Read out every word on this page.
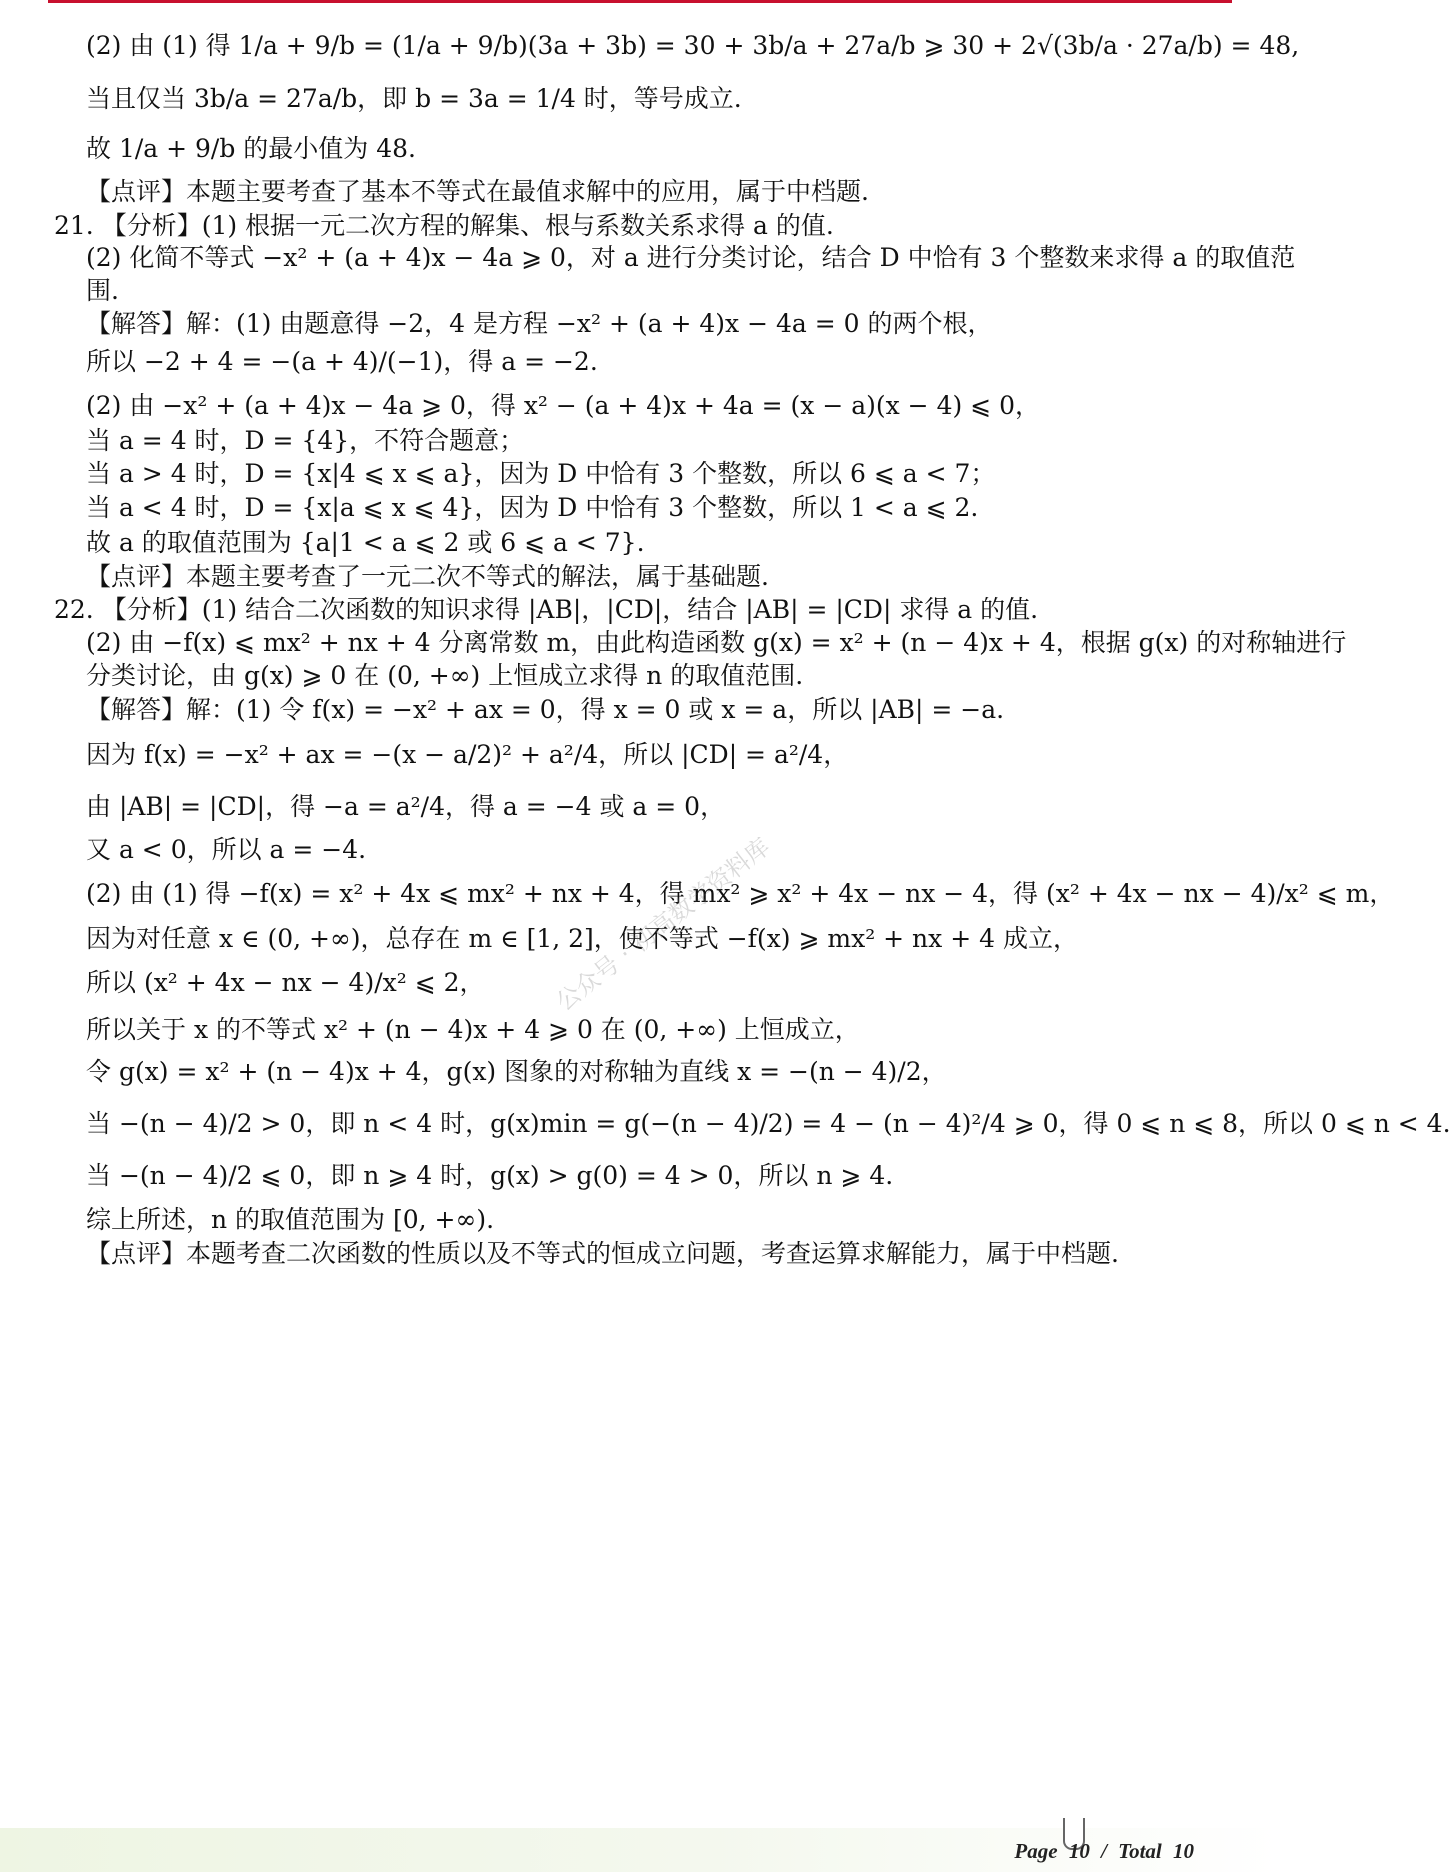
(2) 由 (1) 得 1/a + 9/b = (1/a + 9/b)(3a + 3b) = 30 + 3b/a + 27a/b ⩾ 30 + 2√(3b/a · 27a/b) = 48,
当且仅当 3b/a = 27a/b，即 b = 3a = 1/4 时，等号成立.
故 1/a + 9/b 的最小值为 48.
【点评】本题主要考查了基本不等式在最值求解中的应用，属于中档题.
21. 【分析】(1) 根据一元二次方程的解集、根与系数关系求得 a 的值.
(2) 化简不等式 −x² + (a + 4)x − 4a ⩾ 0，对 a 进行分类讨论，结合 D 中恰有 3 个整数来求得 a 的取值范
围.
【解答】解：(1) 由题意得 −2，4 是方程 −x² + (a + 4)x − 4a = 0 的两个根，
所以 −2 + 4 = −(a + 4)/(−1)，得 a = −2.
(2) 由 −x² + (a + 4)x − 4a ⩾ 0，得 x² − (a + 4)x + 4a = (x − a)(x − 4) ⩽ 0，
当 a = 4 时，D = {4}，不符合题意；
当 a > 4 时，D = {x|4 ⩽ x ⩽ a}，因为 D 中恰有 3 个整数，所以 6 ⩽ a < 7；
当 a < 4 时，D = {x|a ⩽ x ⩽ 4}，因为 D 中恰有 3 个整数，所以 1 < a ⩽ 2.
故 a 的取值范围为 {a|1 < a ⩽ 2 或 6 ⩽ a < 7}.
【点评】本题主要考查了一元二次不等式的解法，属于基础题.
22. 【分析】(1) 结合二次函数的知识求得 |AB|，|CD|，结合 |AB| = |CD| 求得 a 的值.
(2) 由 −f(x) ⩽ mx² + nx + 4 分离常数 m，由此构造函数 g(x) = x² + (n − 4)x + 4，根据 g(x) 的对称轴进行
分类讨论，由 g(x) ⩾ 0 在 (0, +∞) 上恒成立求得 n 的取值范围.
【解答】解：(1) 令 f(x) = −x² + ax = 0，得 x = 0 或 x = a，所以 |AB| = −a.
因为 f(x) = −x² + ax = −(x − a/2)² + a²/4，所以 |CD| = a²/4，
由 |AB| = |CD|，得 −a = a²/4，得 a = −4 或 a = 0，
又 a < 0，所以 a = −4.
(2) 由 (1) 得 −f(x) = x² + 4x ⩽ mx² + nx + 4，得 mx² ⩾ x² + 4x − nx − 4，得 (x² + 4x − nx − 4)/x² ⩽ m，
因为对任意 x ∈ (0, +∞)，总存在 m ∈ [1, 2]，使不等式 −f(x) ⩾ mx² + nx + 4 成立，
所以 (x² + 4x − nx − 4)/x² ⩽ 2，
所以关于 x 的不等式 x² + (n − 4)x + 4 ⩾ 0 在 (0, +∞) 上恒成立，
令 g(x) = x² + (n − 4)x + 4，g(x) 图象的对称轴为直线 x = −(n − 4)/2，
当 −(n − 4)/2 > 0，即 n < 4 时，g(x)min = g(−(n − 4)/2) = 4 − (n − 4)²/4 ⩾ 0，得 0 ⩽ n ⩽ 8，所以 0 ⩽ n < 4.
当 −(n − 4)/2 ⩽ 0，即 n ⩾ 4 时，g(x) > g(0) = 4 > 0，所以 n ⩾ 4.
综上所述，n 的取值范围为 [0, +∞).
【点评】本题考查二次函数的性质以及不等式的恒成立问题，考查运算求解能力，属于中档题.
公众号 · 初高数学资料库
Page 10 / Total 10
